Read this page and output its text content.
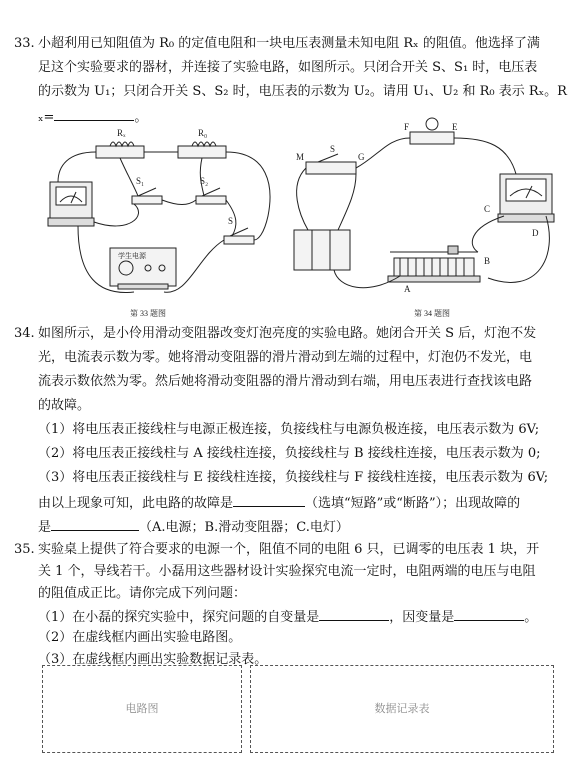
33. 小超利用已知阻值为 R₀ 的定值电阻和一块电压表测量未知电阻 Rₓ 的阻值。他选择了满
足这个实验要求的器材，并连接了实验电路，如图所示。只闭合开关 S、S₁ 时，电压表
的示数为 U₁；只闭合开关 S、S₂ 时，电压表的示数为 U₂。请用 U₁、U₂ 和 R₀ 表示 Rₓ。R
ₓ=	。
Rₓ	R₀
S₁	S₂
S
学生电源
第 33 题图
M
S
G
F	E
C
D
A
B
第 34 题图
34. 如图所示，是小伶用滑动变阻器改变灯泡亮度的实验电路。她闭合开关 S 后，灯泡不发
光，电流表示数为零。她将滑动变阻器的滑片滑动到左端的过程中，灯泡仍不发光，电
流表示数依然为零。然后她将滑动变阻器的滑片滑动到右端，用电压表进行查找该电路
的故障。
（1）将电压表正接线柱与电源正极连接，负接线柱与电源负极连接，电压表示数为 6V;
（2）将电压表正接线柱与 A 接线柱连接，负接线柱与 B 接线柱连接，电压表示数为 0;
（3）将电压表正接线柱与 E 接线柱连接，负接线柱与 F 接线柱连接，电压表示数为 6V;
由以上现象可知，此电路的故障是	（选填“短路”或“断路”）；出现故障的
是	（A.电源；B.滑动变阻器；C.电灯）
35. 实验桌上提供了符合要求的电源一个，阻值不同的电阻 6 只，已调零的电压表 1 块，开
关 1 个，导线若干。小磊用这些器材设计实验探究电流一定时，电阻两端的电压与电阻
的阻值成正比。请你完成下列问题：
（1）在小磊的探究实验中，探究问题的自变量是	，因变量是	。
（2）在虚线框内画出实验电路图。
（3）在虚线框内画出实验数据记录表。
电路图	数据记录表
